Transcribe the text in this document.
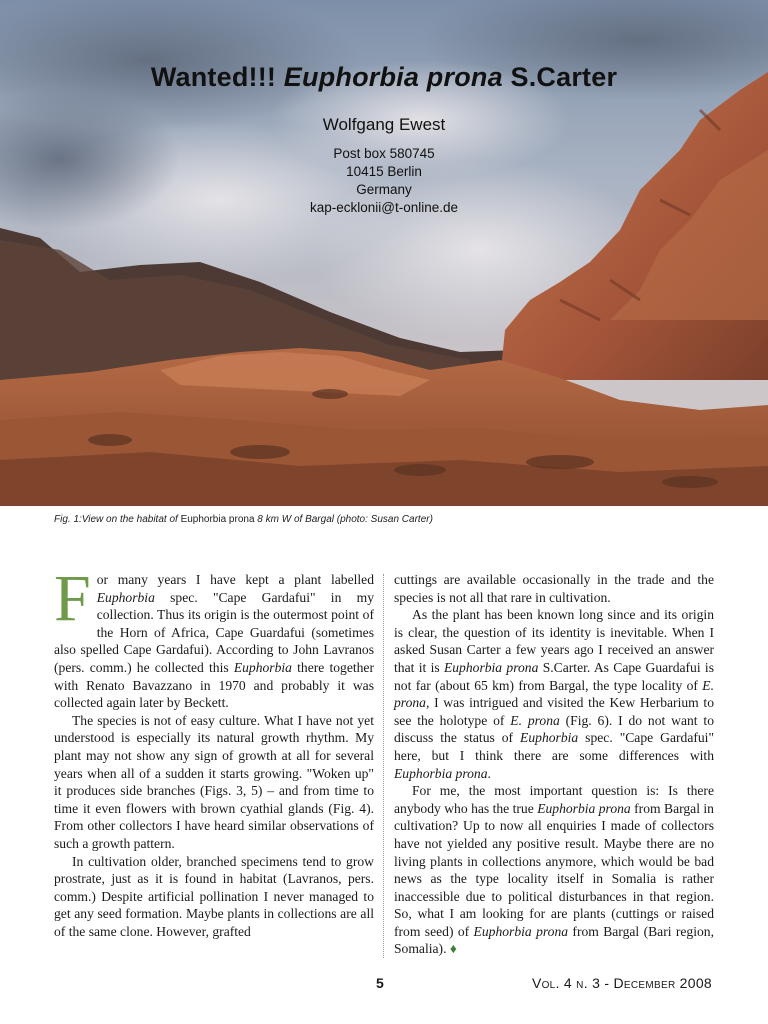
Wanted!!! Euphorbia prona S.Carter
Wolfgang Ewest
Post box 580745
10415 Berlin
Germany
kap-ecklonii@t-online.de
Fig. 1:View on the habitat of Euphorbia prona 8 km W of Bargal (photo: Susan Carter)

For many years I have kept a plant labelled Euphorbia spec. "Cape Gardafui" in my collection. Thus its origin is the outermost point of the Horn of Africa, Cape Guardafui (sometimes also spelled Cape Gardafui). According to John Lavranos (pers. comm.) he collected this Euphorbia there together with Renato Bavazzano in 1970 and probably it was collected again later by Beckett.

The species is not of easy culture. What I have not yet understood is especially its natural growth rhythm. My plant may not show any sign of growth at all for several years when all of a sudden it starts growing. "Woken up" it produces side branches (Figs. 3, 5) – and from time to time it even flowers with brown cyathial glands (Fig. 4). From other collectors I have heard similar observations of such a growth pattern.

In cultivation older, branched specimens tend to grow prostrate, just as it is found in habitat (Lavranos, pers. comm.) Despite artificial pollination I never managed to get any seed formation. Maybe plants in collections are all of the same clone. However, grafted

cuttings are available occasionally in the trade and the species is not all that rare in cultivation.

As the plant has been known long since and its origin is clear, the question of its identity is inevitable. When I asked Susan Carter a few years ago I received an answer that it is Euphorbia prona S.Carter. As Cape Guardafui is not far (about 65 km) from Bargal, the type locality of E. prona, I was intrigued and visited the Kew Herbarium to see the holotype of E. prona (Fig. 6). I do not want to discuss the status of Euphorbia spec. "Cape Gardafui" here, but I think there are some differences with Euphorbia prona.

For me, the most important question is: Is there anybody who has the true Euphorbia prona from Bargal in cultivation? Up to now all enquiries I made of collectors have not yielded any positive result. Maybe there are no living plants in collections anymore, which would be bad news as the type locality itself in Somalia is rather inaccessible due to political disturbances in that region. So, what I am looking for are plants (cuttings or raised from seed) of Euphorbia prona from Bargal (Bari region, Somalia). ♦

5	Vol. 4 n. 3 - December 2008
